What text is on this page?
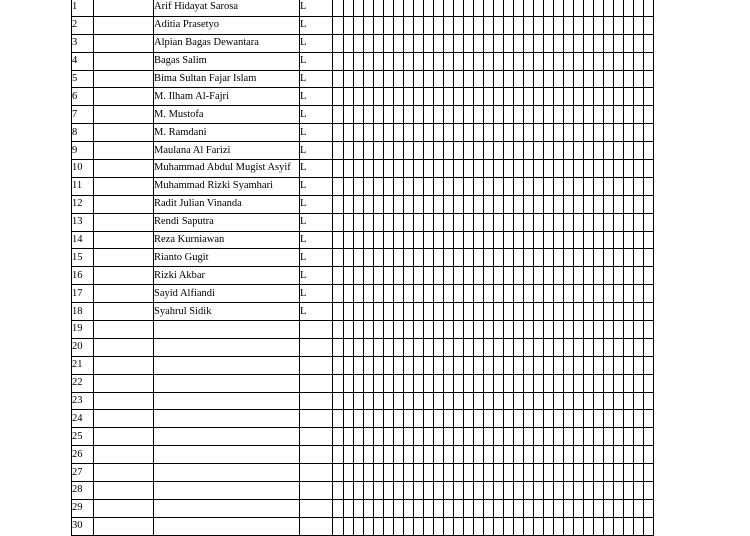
1		Arif Hidayat Sarosa	L																																
2		Aditia Prasetyo	L																																
3		Alpian Bagas Dewantara	L																																
4		Bagas Salim	L																																
5		Bima Sultan Fajar Islam	L																																
6		M. Ilham Al-Fajri	L																																
7		M. Mustofa	L																																
8		M. Ramdani	L																																
9		Maulana Al Farizi	L																																
10		Muhammad Abdul Mugist Asyif	L																																
11		Muhammad Rizki Syamhari	L																																
12		Radit Julian Vinanda	L																																
13		Rendi Saputra	L																																
14		Reza Kurniawan	L																																
15		Rianto Gugit	L																																
16		Rizki Akbar	L																																
17		Sayid Alfiandi	L																																
18		Syahrul Sidik	L																																
19																																			
20																																			
21																																			
22																																			
23																																			
24																																			
25																																			
26																																			
27																																			
28																																			
29																																			
30																																			
